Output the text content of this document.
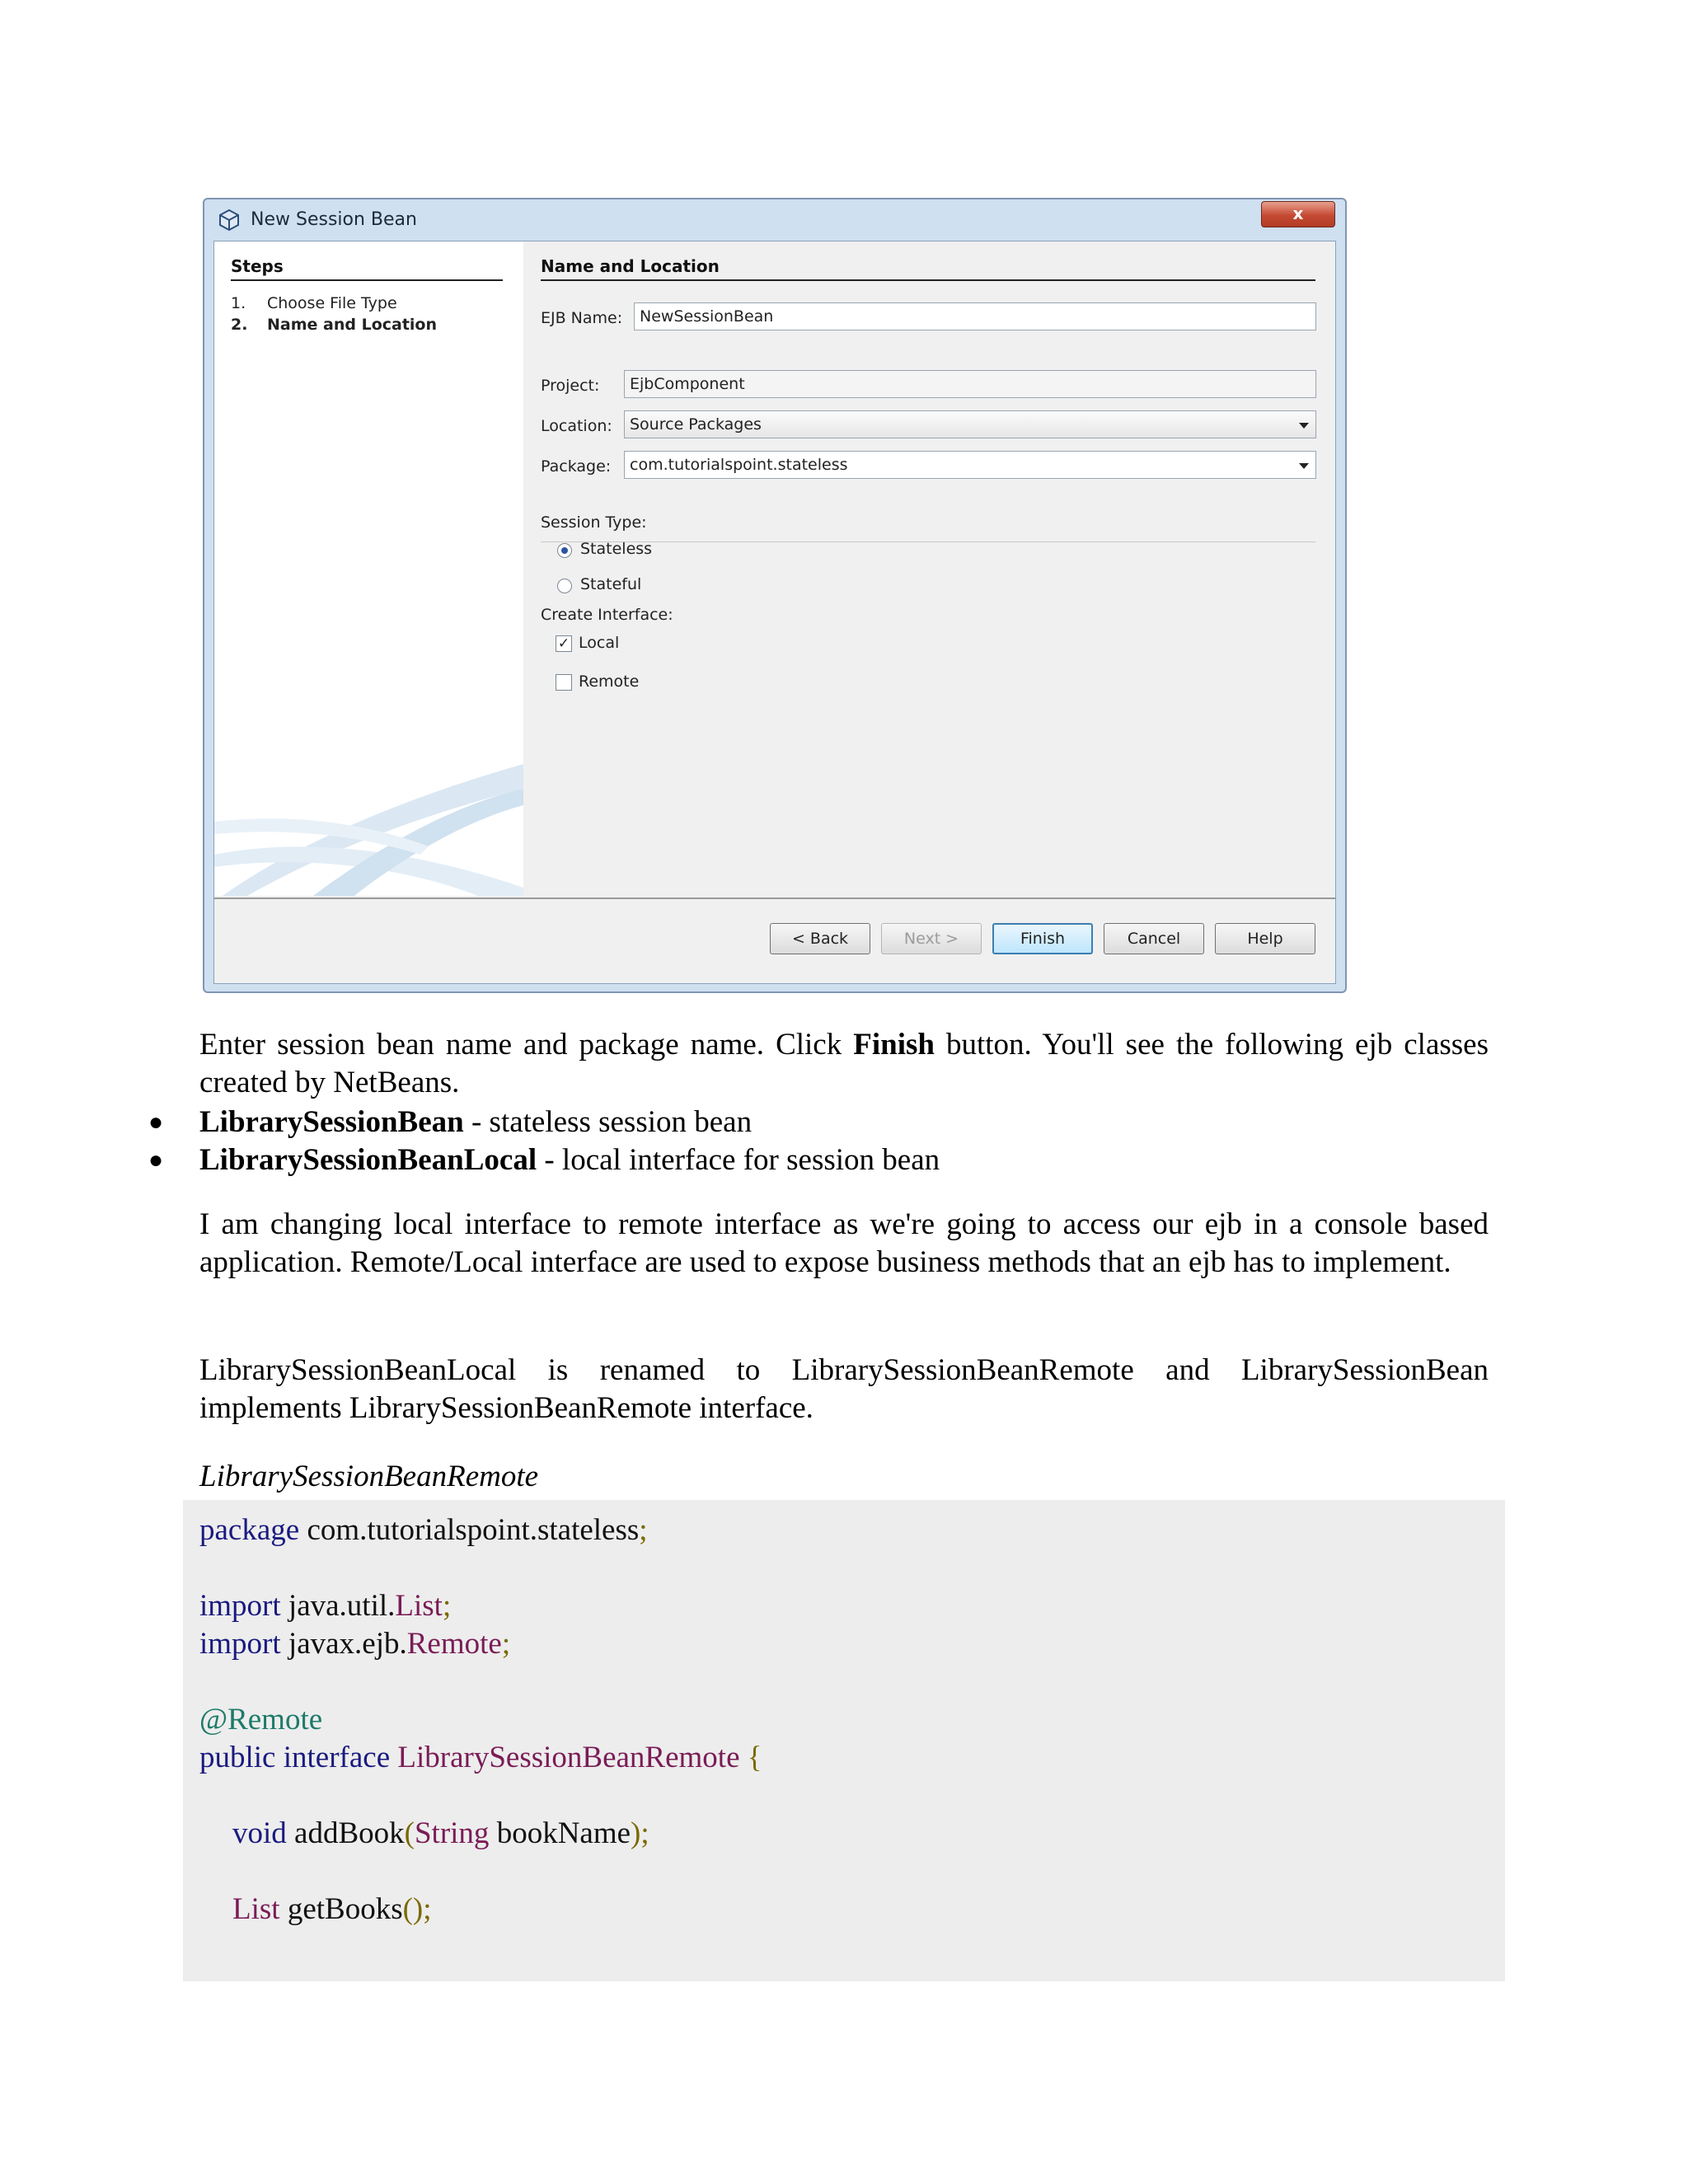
New Session Bean	x
Steps
1. Choose File Type
2. Name and Location
Name and Location
EJB Name:	NewSessionBean
Project:	EjbComponent
Location:	Source Packages
Package:	com.tutorialspoint.stateless
Session Type:
Stateless
Stateful
Create Interface:
✓ Local
Remote
< Back	Next >	Finish	Cancel	Help

Enter session bean name and package name. Click Finish button. You'll see the following ejb classes created by NetBeans.

● LibrarySessionBean - stateless session bean
● LibrarySessionBeanLocal - local interface for session bean

I am changing local interface to remote interface as we're going to access our ejb in a console based application. Remote/Local interface are used to expose business methods that an ejb has to implement.

LibrarySessionBeanLocal is renamed to LibrarySessionBeanRemote and LibrarySessionBean implements LibrarySessionBeanRemote interface.

LibrarySessionBeanRemote
package com.tutorialspoint.stateless;
import java.util.List;
import javax.ejb.Remote;
@Remote
public interface LibrarySessionBeanRemote {
void addBook(String bookName);
List getBooks();
